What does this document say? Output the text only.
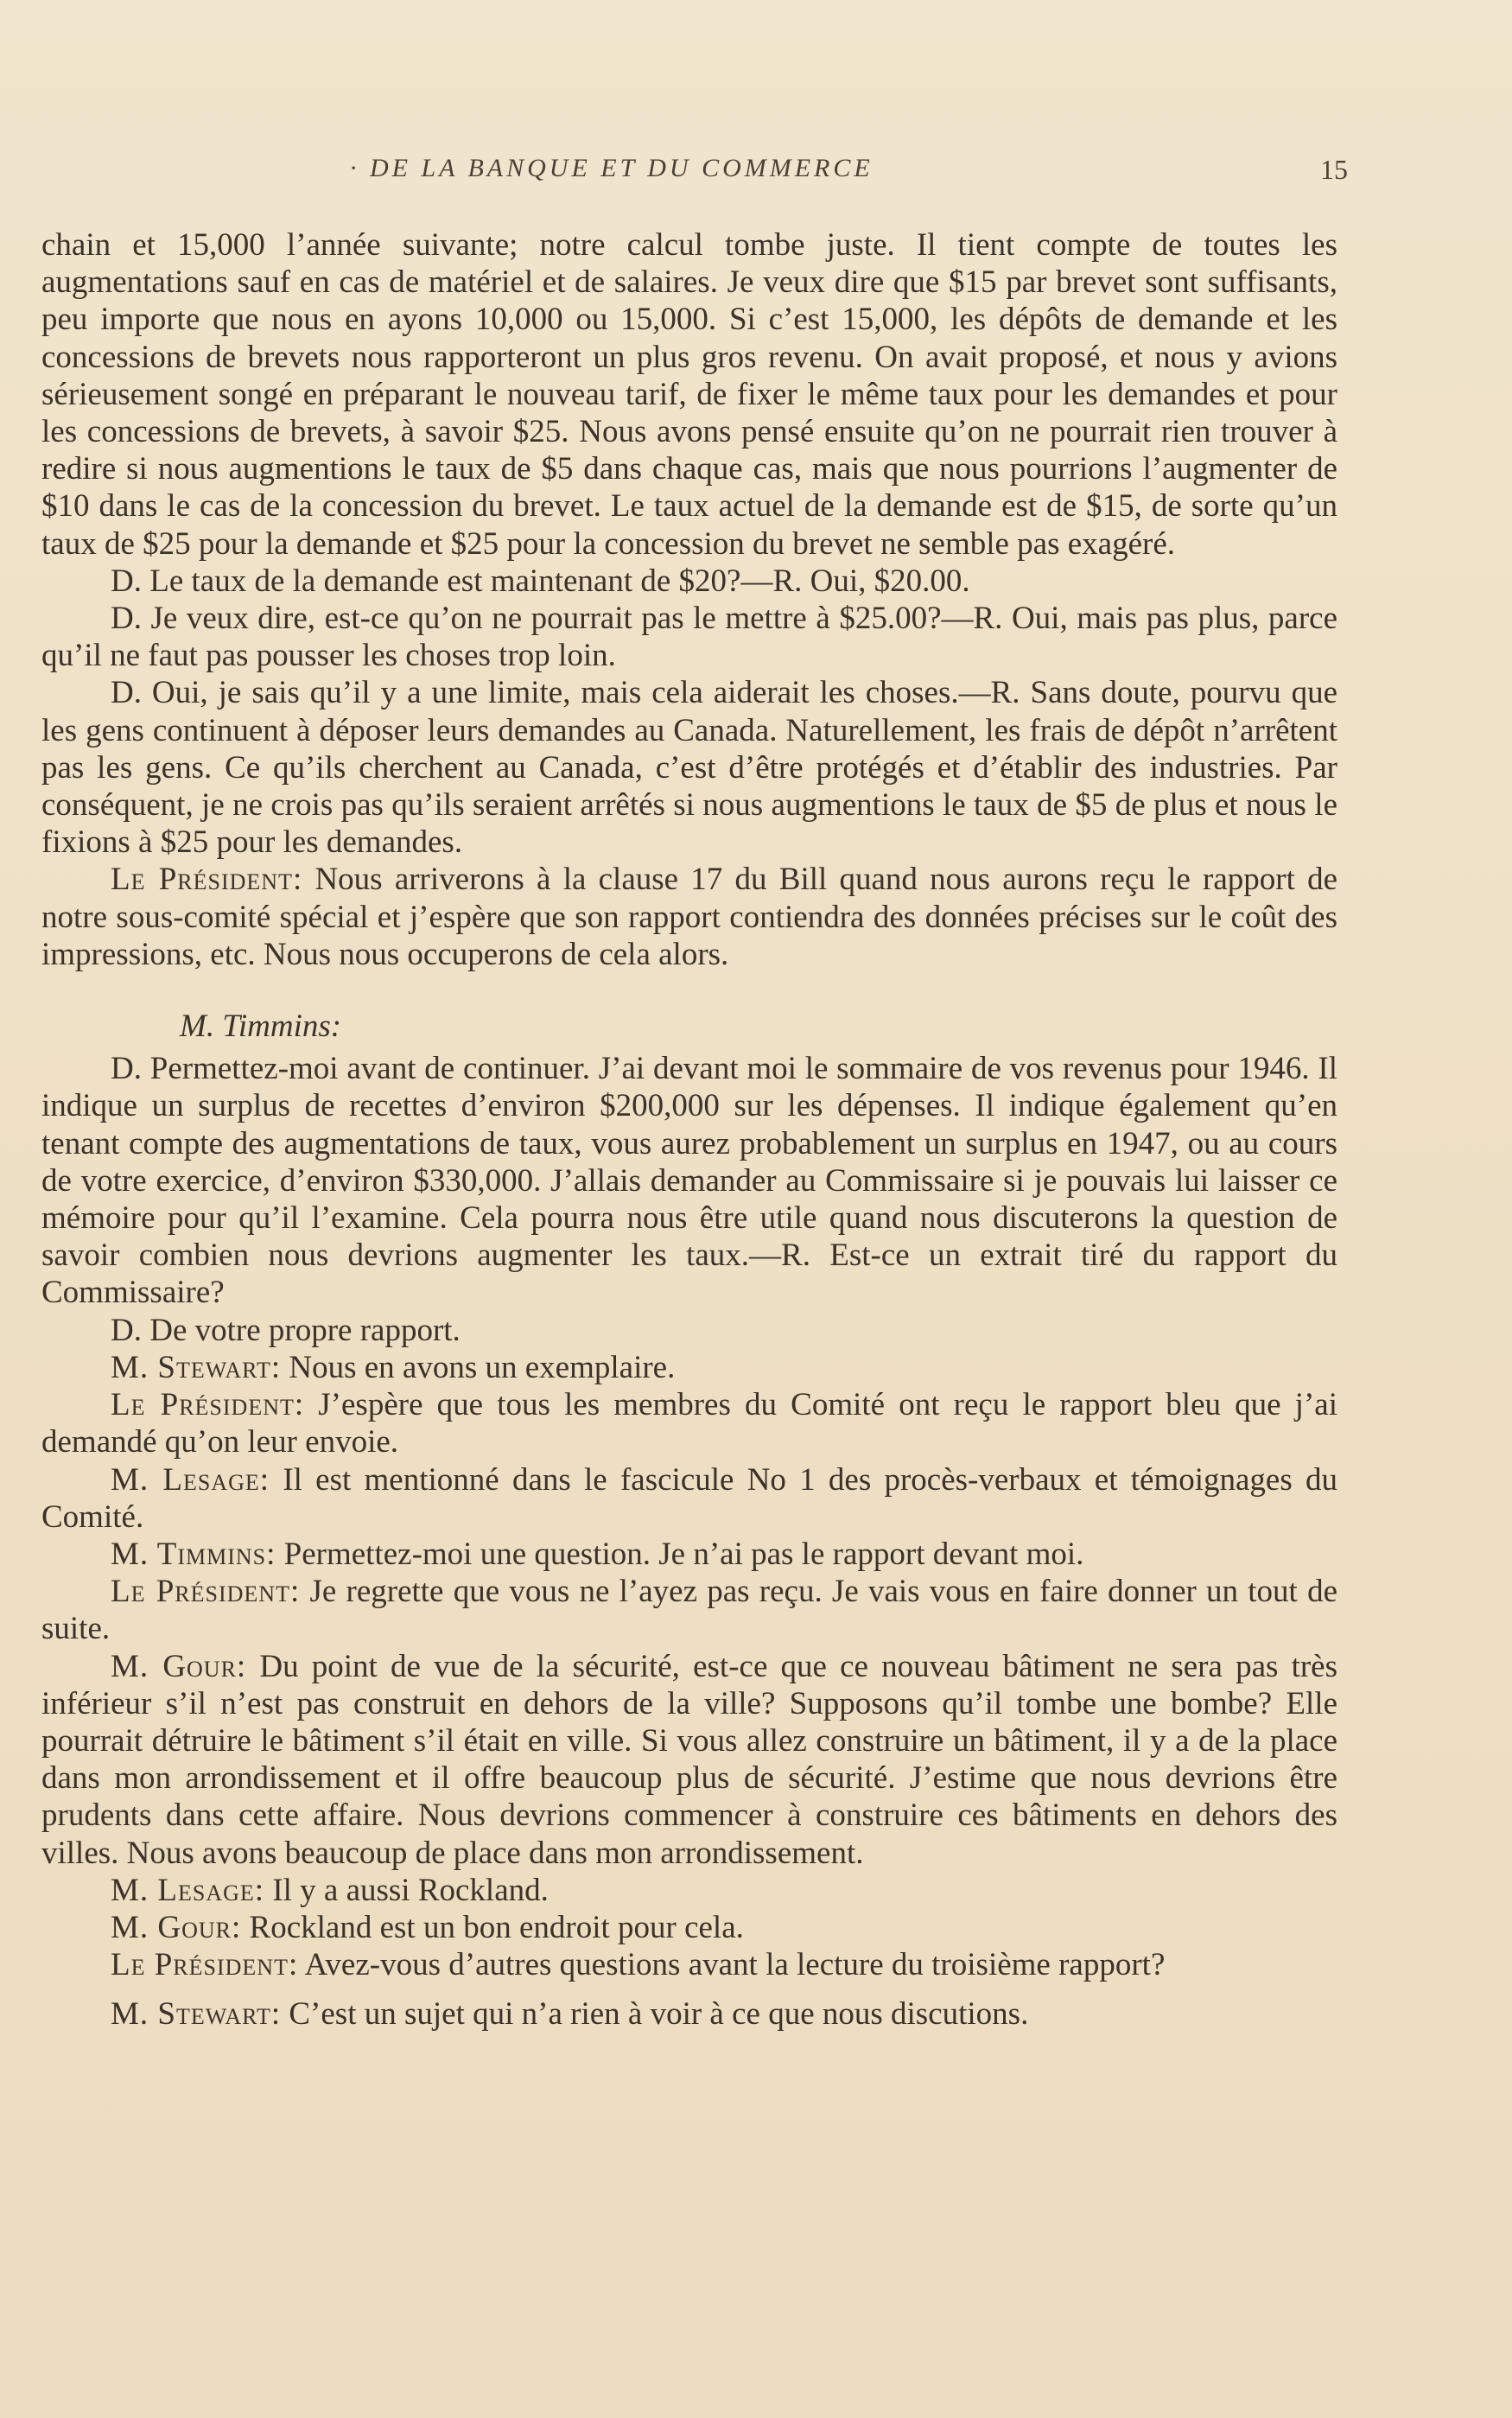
· DE LA BANQUE ET DU COMMERCE	15

chain et 15,000 l’année suivante; notre calcul tombe juste. Il tient compte de toutes les augmentations sauf en cas de matériel et de salaires. Je veux dire que $15 par brevet sont suffisants, peu importe que nous en ayons 10,000 ou 15,000. Si c’est 15,000, les dépôts de demande et les concessions de brevets nous rapporteront un plus gros revenu. On avait proposé, et nous y avions sérieusement songé en préparant le nouveau tarif, de fixer le même taux pour les demandes et pour les concessions de brevets, à savoir $25. Nous avons pensé ensuite qu’on ne pourrait rien trouver à redire si nous augmentions le taux de $5 dans chaque cas, mais que nous pourrions l’augmenter de $10 dans le cas de la concession du brevet. Le taux actuel de la demande est de $15, de sorte qu’un taux de $25 pour la demande et $25 pour la concession du brevet ne semble pas exagéré.

D. Le taux de la demande est maintenant de $20?—R. Oui, $20.00.

D. Je veux dire, est-ce qu’on ne pourrait pas le mettre à $25.00?—R. Oui, mais pas plus, parce qu’il ne faut pas pousser les choses trop loin.

D. Oui, je sais qu’il y a une limite, mais cela aiderait les choses.—R. Sans doute, pourvu que les gens continuent à déposer leurs demandes au Canada. Naturellement, les frais de dépôt n’arrêtent pas les gens. Ce qu’ils cherchent au Canada, c’est d’être protégés et d’établir des industries. Par conséquent, je ne crois pas qu’ils seraient arrêtés si nous augmentions le taux de $5 de plus et nous le fixions à $25 pour les demandes.

Le Président: Nous arriverons à la clause 17 du Bill quand nous aurons reçu le rapport de notre sous-comité spécial et j’espère que son rapport contiendra des données précises sur le coût des impressions, etc. Nous nous occuperons de cela alors.

M. Timmins:

D. Permettez-moi avant de continuer. J’ai devant moi le sommaire de vos revenus pour 1946. Il indique un surplus de recettes d’environ $200,000 sur les dépenses. Il indique également qu’en tenant compte des augmentations de taux, vous aurez probablement un surplus en 1947, ou au cours de votre exercice, d’environ $330,000. J’allais demander au Commissaire si je pouvais lui laisser ce mémoire pour qu’il l’examine. Cela pourra nous être utile quand nous discuterons la question de savoir combien nous devrions augmenter les taux.—R. Est-ce un extrait tiré du rapport du Commissaire?

D. De votre propre rapport.

M. Stewart: Nous en avons un exemplaire.

Le Président: J’espère que tous les membres du Comité ont reçu le rapport bleu que j’ai demandé qu’on leur envoie.

M. Lesage: Il est mentionné dans le fascicule No 1 des procès-verbaux et témoignages du Comité.

M. Timmins: Permettez-moi une question. Je n’ai pas le rapport devant moi.

Le Président: Je regrette que vous ne l’ayez pas reçu. Je vais vous en faire donner un tout de suite.

M. Gour: Du point de vue de la sécurité, est-ce que ce nouveau bâtiment ne sera pas très inférieur s’il n’est pas construit en dehors de la ville? Supposons qu’il tombe une bombe? Elle pourrait détruire le bâtiment s’il était en ville. Si vous allez construire un bâtiment, il y a de la place dans mon arrondissement et il offre beaucoup plus de sécurité. J’estime que nous devrions être prudents dans cette affaire. Nous devrions commencer à construire ces bâtiments en dehors des villes. Nous avons beaucoup de place dans mon arrondissement.

M. Lesage: Il y a aussi Rockland.

M. Gour: Rockland est un bon endroit pour cela.

Le Président: Avez-vous d’autres questions avant la lecture du troisième rapport?

M. Stewart: C’est un sujet qui n’a rien à voir à ce que nous discutions.
